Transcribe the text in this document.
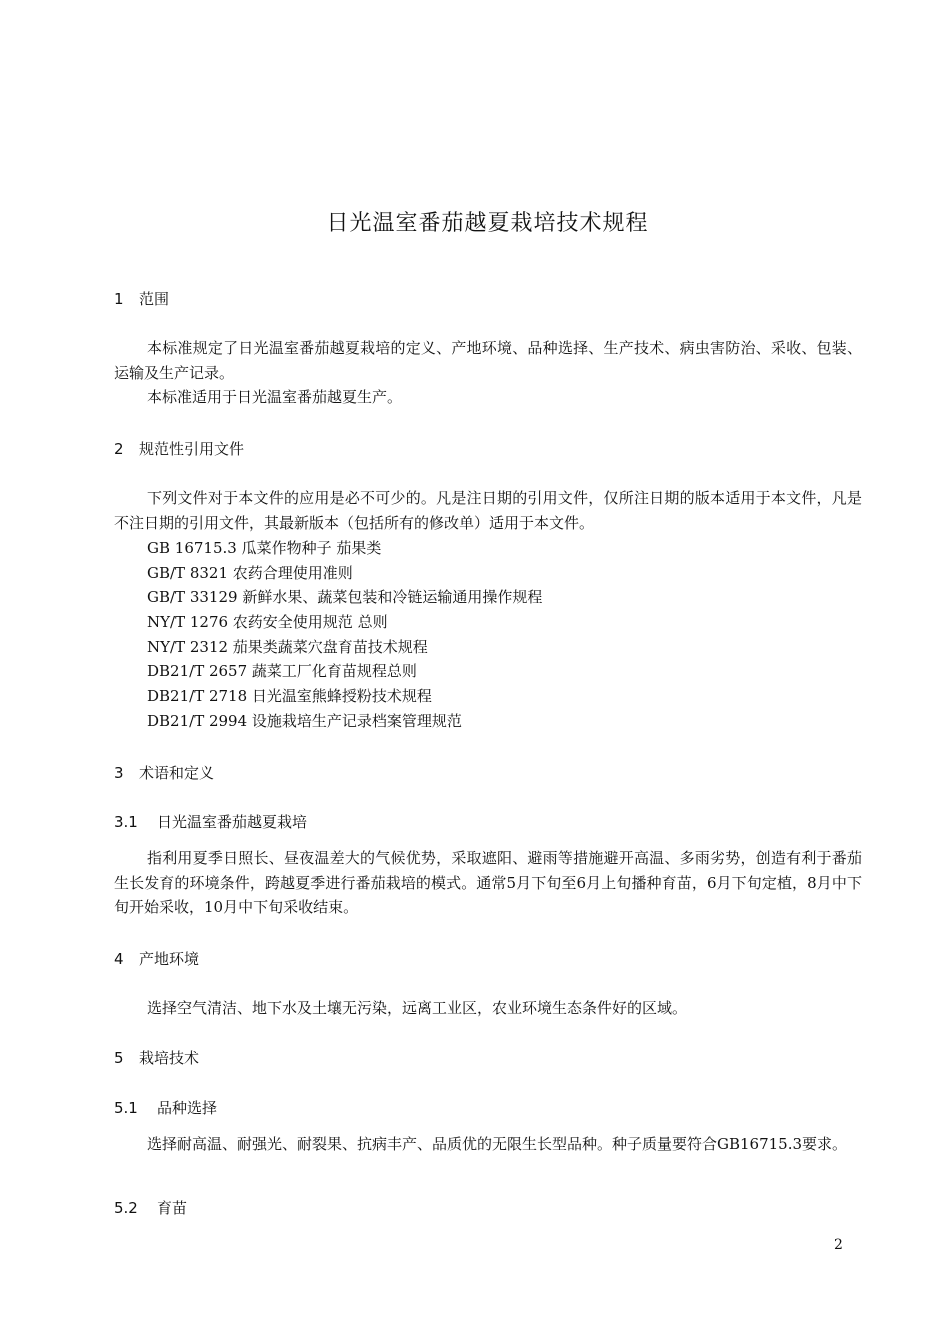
日光温室番茄越夏栽培技术规程
1 范围

本标准规定了日光温室番茄越夏栽培的定义、产地环境、品种选择、生产技术、病虫害防治、采收、包装、运输及生产记录。

本标准适用于日光温室番茄越夏生产。

2 规范性引用文件

下列文件对于本文件的应用是必不可少的。凡是注日期的引用文件，仅所注日期的版本适用于本文件，凡是不注日期的引用文件，其最新版本（包括所有的修改单）适用于本文件。

GB 16715.3 瓜菜作物种子 茄果类
GB/T 8321 农药合理使用准则
GB/T 33129 新鲜水果、蔬菜包装和冷链运输通用操作规程
NY/T 1276 农药安全使用规范 总则
NY/T 2312 茄果类蔬菜穴盘育苗技术规程
DB21/T 2657 蔬菜工厂化育苗规程总则
DB21/T 2718 日光温室熊蜂授粉技术规程
DB21/T 2994 设施栽培生产记录档案管理规范
3 术语和定义
3.1 日光温室番茄越夏栽培

指利用夏季日照长、昼夜温差大的气候优势，采取遮阳、避雨等措施避开高温、多雨劣势，创造有利于番茄生长发育的环境条件，跨越夏季进行番茄栽培的模式。通常5月下旬至6月上旬播种育苗，6月下旬定植，8月中下旬开始采收，10月中下旬采收结束。

4 产地环境

选择空气清洁、地下水及土壤无污染，远离工业区，农业环境生态条件好的区域。

5 栽培技术
5.1 品种选择

选择耐高温、耐强光、耐裂果、抗病丰产、品质优的无限生长型品种。种子质量要符合GB16715.3要求。

5.2 育苗
2
